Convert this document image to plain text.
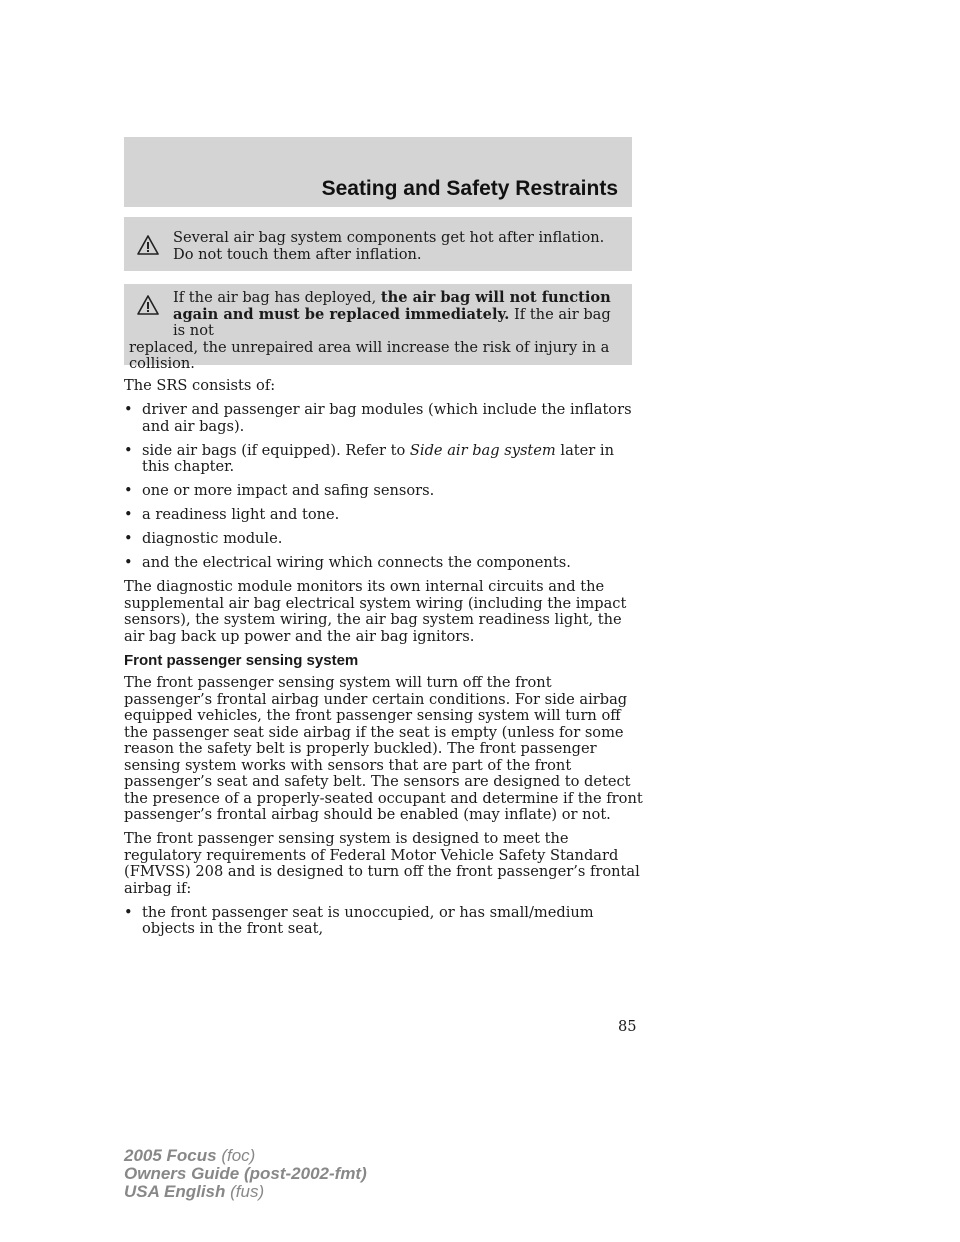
Seating and Safety Restraints
Several air bag system components get hot after inflation. Do not touch them after inflation.
If the air bag has deployed, the air bag will not function
again and must be replaced immediately. If the air bag is not
replaced, the unrepaired area will increase the risk of injury in a collision.

The SRS consists of:

• driver and passenger air bag modules (which include the inflators and air bags).
• side air bags (if equipped). Refer to Side air bag system later in this chapter.
• one or more impact and safing sensors.
• a readiness light and tone.
• diagnostic module.
• and the electrical wiring which connects the components.

The diagnostic module monitors its own internal circuits and the supplemental air bag electrical system wiring (including the impact sensors), the system wiring, the air bag system readiness light, the air bag back up power and the air bag ignitors.

Front passenger sensing system

The front passenger sensing system will turn off the front passenger’s frontal airbag under certain conditions. For side airbag equipped vehicles, the front passenger sensing system will turn off the passenger seat side airbag if the seat is empty (unless for some reason the safety belt is properly buckled). The front passenger sensing system works with sensors that are part of the front passenger’s seat and safety belt. The sensors are designed to detect the presence of a properly-seated occupant and determine if the front passenger’s frontal airbag should be enabled (may inflate) or not.

The front passenger sensing system is designed to meet the regulatory requirements of Federal Motor Vehicle Safety Standard (FMVSS) 208 and is designed to turn off the front passenger’s frontal airbag if:

• the front passenger seat is unoccupied, or has small/medium objects in the front seat,
85
2005 Focus (foc)
Owners Guide (post-2002-fmt)
USA English (fus)
